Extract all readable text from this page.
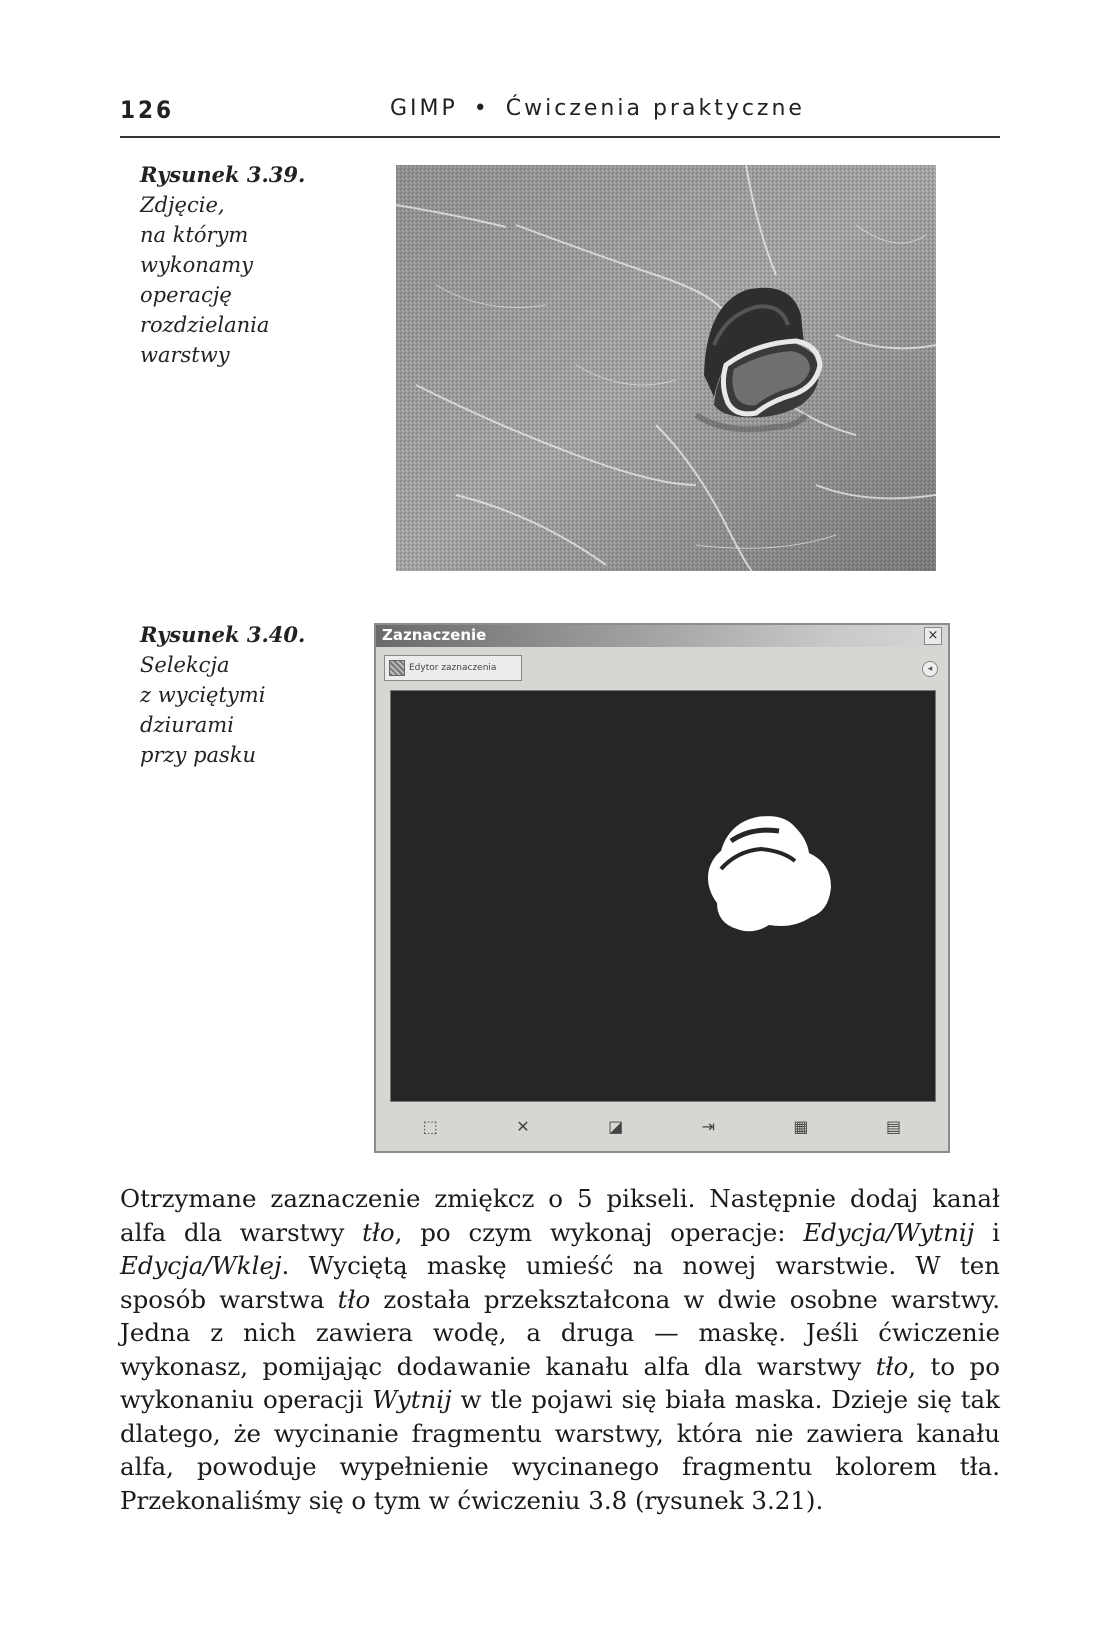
126	GIMP • Ćwiczenia praktyczne
Rysunek 3.39.
Zdjęcie,
na którym
wykonamy
operację
rozdzielania
warstwy
Rysunek 3.40.
Selekcja
z wyciętymi
dziurami
przy pasku
Zaznaczenie	×
Edytor zaznaczenia	◂
⬚	✕	◪	⇥	▦	▤

Otrzymane zaznaczenie zmiękcz o 5 pikseli. Następnie dodaj kanał alfa dla warstwy tło, po czym wykonaj operacje: Edycja/Wytnij i Edycja/Wklej. Wyciętą maskę umieść na nowej warstwie. W ten sposób warstwa tło została przekształcona w dwie osobne warstwy. Jedna z nich zawiera wodę, a druga — maskę. Jeśli ćwiczenie wykonasz, pomijając dodawanie kanału alfa dla warstwy tło, to po wykonaniu operacji Wytnij w tle pojawi się biała maska. Dzieje się tak dlatego, że wycinanie fragmentu warstwy, która nie zawiera kanału alfa, powoduje wypełnienie wycinanego fragmentu kolorem tła. Przekonaliśmy się o tym w ćwiczeniu 3.8 (rysunek 3.21).
